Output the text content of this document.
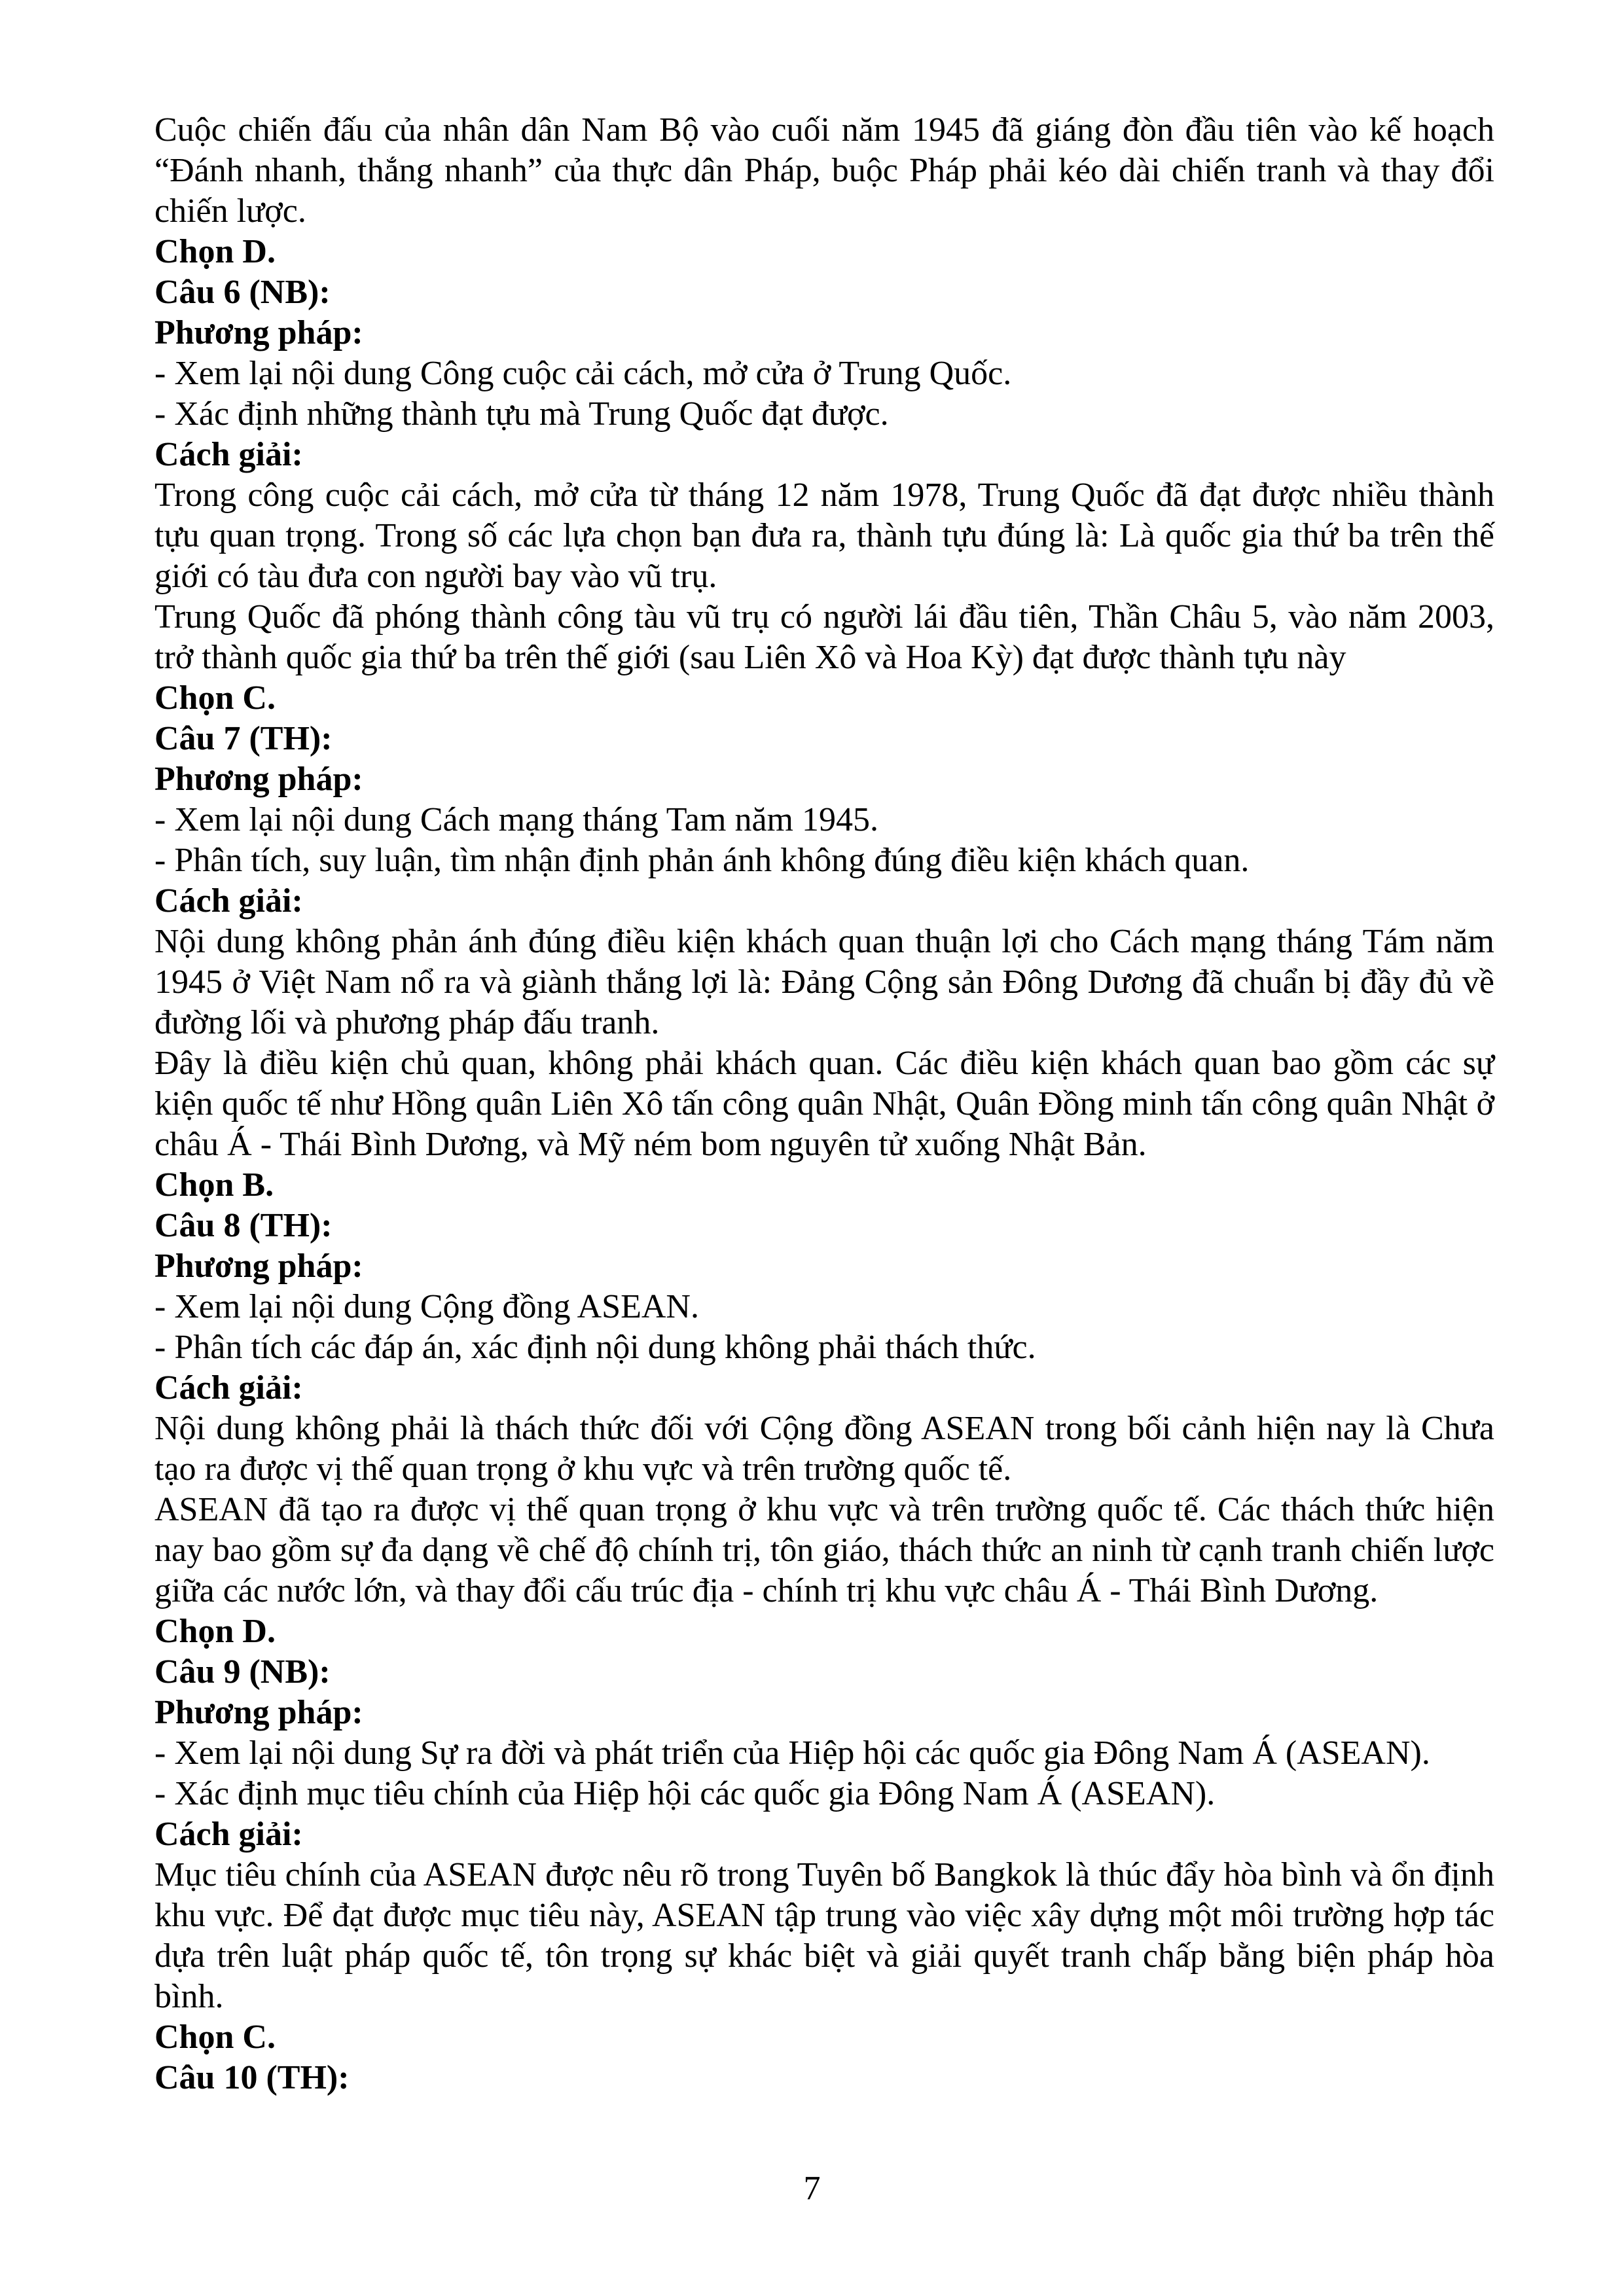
Cuộc chiến đấu của nhân dân Nam Bộ vào cuối năm 1945 đã giáng đòn đầu tiên vào kế hoạch “Đánh nhanh, thắng nhanh” của thực dân Pháp, buộc Pháp phải kéo dài chiến tranh và thay đổi chiến lược.

Chọn D.

Câu 6 (NB):

Phương pháp:

- Xem lại nội dung Công cuộc cải cách, mở cửa ở Trung Quốc.

- Xác định những thành tựu mà Trung Quốc đạt được.

Cách giải:

Trong công cuộc cải cách, mở cửa từ tháng 12 năm 1978, Trung Quốc đã đạt được nhiều thành tựu quan trọng. Trong số các lựa chọn bạn đưa ra, thành tựu đúng là: Là quốc gia thứ ba trên thế giới có tàu đưa con người bay vào vũ trụ.

Trung Quốc đã phóng thành công tàu vũ trụ có người lái đầu tiên, Thần Châu 5, vào năm 2003, trở thành quốc gia thứ ba trên thế giới (sau Liên Xô và Hoa Kỳ) đạt được thành tựu này

Chọn C.

Câu 7 (TH):

Phương pháp:

- Xem lại nội dung Cách mạng tháng Tam năm 1945.

- Phân tích, suy luận, tìm nhận định phản ánh không đúng điều kiện khách quan.

Cách giải:

Nội dung không phản ánh đúng điều kiện khách quan thuận lợi cho Cách mạng tháng Tám năm 1945 ở Việt Nam nổ ra và giành thắng lợi là: Đảng Cộng sản Đông Dương đã chuẩn bị đầy đủ về đường lối và phương pháp đấu tranh.

Đây là điều kiện chủ quan, không phải khách quan. Các điều kiện khách quan bao gồm các sự kiện quốc tế như Hồng quân Liên Xô tấn công quân Nhật, Quân Đồng minh tấn công quân Nhật ở châu Á - Thái Bình Dương, và Mỹ ném bom nguyên tử xuống Nhật Bản.

Chọn B.

Câu 8 (TH):

Phương pháp:

- Xem lại nội dung Cộng đồng ASEAN.

- Phân tích các đáp án, xác định nội dung không phải thách thức.

Cách giải:

Nội dung không phải là thách thức đối với Cộng đồng ASEAN trong bối cảnh hiện nay là Chưa tạo ra được vị thế quan trọng ở khu vực và trên trường quốc tế.

ASEAN đã tạo ra được vị thế quan trọng ở khu vực và trên trường quốc tế. Các thách thức hiện nay bao gồm sự đa dạng về chế độ chính trị, tôn giáo, thách thức an ninh từ cạnh tranh chiến lược giữa các nước lớn, và thay đổi cấu trúc địa - chính trị khu vực châu Á - Thái Bình Dương.

Chọn D.

Câu 9 (NB):

Phương pháp:

- Xem lại nội dung Sự ra đời và phát triển của Hiệp hội các quốc gia Đông Nam Á (ASEAN).

- Xác định mục tiêu chính của Hiệp hội các quốc gia Đông Nam Á (ASEAN).

Cách giải:

Mục tiêu chính của ASEAN được nêu rõ trong Tuyên bố Bangkok là thúc đẩy hòa bình và ổn định khu vực. Để đạt được mục tiêu này, ASEAN tập trung vào việc xây dựng một môi trường hợp tác dựa trên luật pháp quốc tế, tôn trọng sự khác biệt và giải quyết tranh chấp bằng biện pháp hòa bình.

Chọn C.

Câu 10 (TH):

7
